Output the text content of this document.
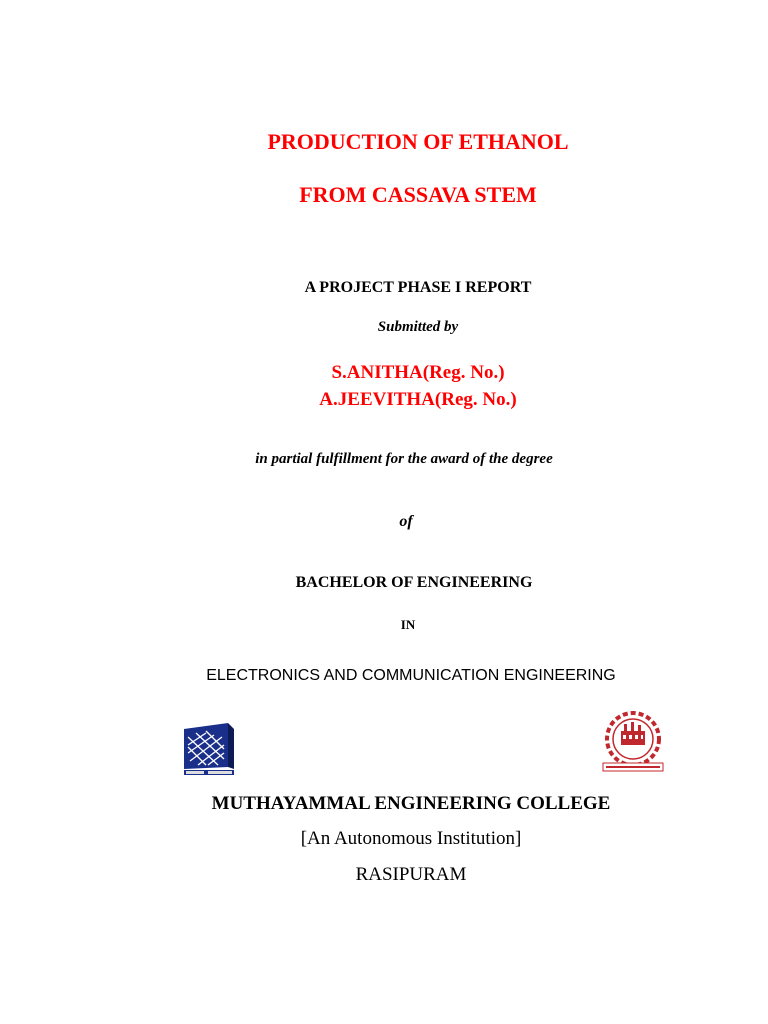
PRODUCTION OF ETHANOL
FROM CASSAVA STEM
A PROJECT PHASE I REPORT
Submitted by
S.ANITHA(Reg. No.)
A.JEEVITHA(Reg. No.)
in partial fulfillment for the award of the degree
of
BACHELOR OF ENGINEERING
IN
ELECTRONICS AND COMMUNICATION ENGINEERING
MUTHAYAMMAL ENGINEERING COLLEGE
[An Autonomous Institution]
RASIPURAM
